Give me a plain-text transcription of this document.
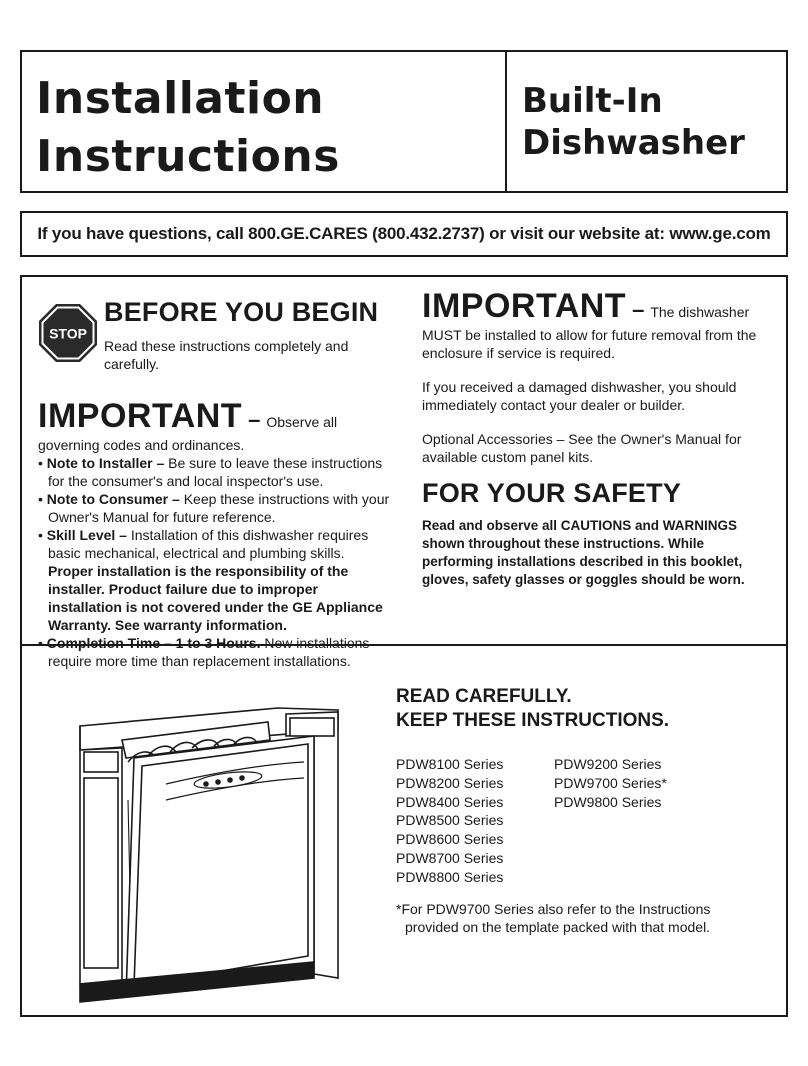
Installation
Instructions
Built-In
Dishwasher
If you have questions, call 800.GE.CARES (800.432.2737) or visit our website at: www.ge.com
STOP
BEFORE YOU BEGIN
Read these instructions completely and carefully.
IMPORTANT – Observe all
governing codes and ordinances.
• Note to Installer – Be sure to leave these instructions for the consumer's and local inspector's use.
• Note to Consumer – Keep these instructions with your Owner's Manual for future reference.
• Skill Level – Installation of this dishwasher requires basic mechanical, electrical and plumbing skills.
Proper installation is the responsibility of the installer. Product failure due to improper installation is not covered under the GE Appliance Warranty. See warranty information.
• Completion Time – 1 to 3 Hours. New installations require more time than replacement installations.
IMPORTANT – The dishwasher
MUST be installed to allow for future removal from the enclosure if service is required.
If you received a damaged dishwasher, you should immediately contact your dealer or builder.
Optional Accessories – See the Owner's Manual for available custom panel kits.
FOR YOUR SAFETY
Read and observe all CAUTIONS and WARNINGS shown throughout these instructions. While performing installations described in this booklet, gloves, safety glasses or goggles should be worn.
READ CAREFULLY.
KEEP THESE INSTRUCTIONS.
PDW8100 Series
PDW8200 Series
PDW8400 Series
PDW8500 Series
PDW8600 Series
PDW8700 Series
PDW8800 Series
PDW9200 Series
PDW9700 Series*
PDW9800 Series
*For PDW9700 Series also refer to the Instructions
provided on the template packed with that model.
